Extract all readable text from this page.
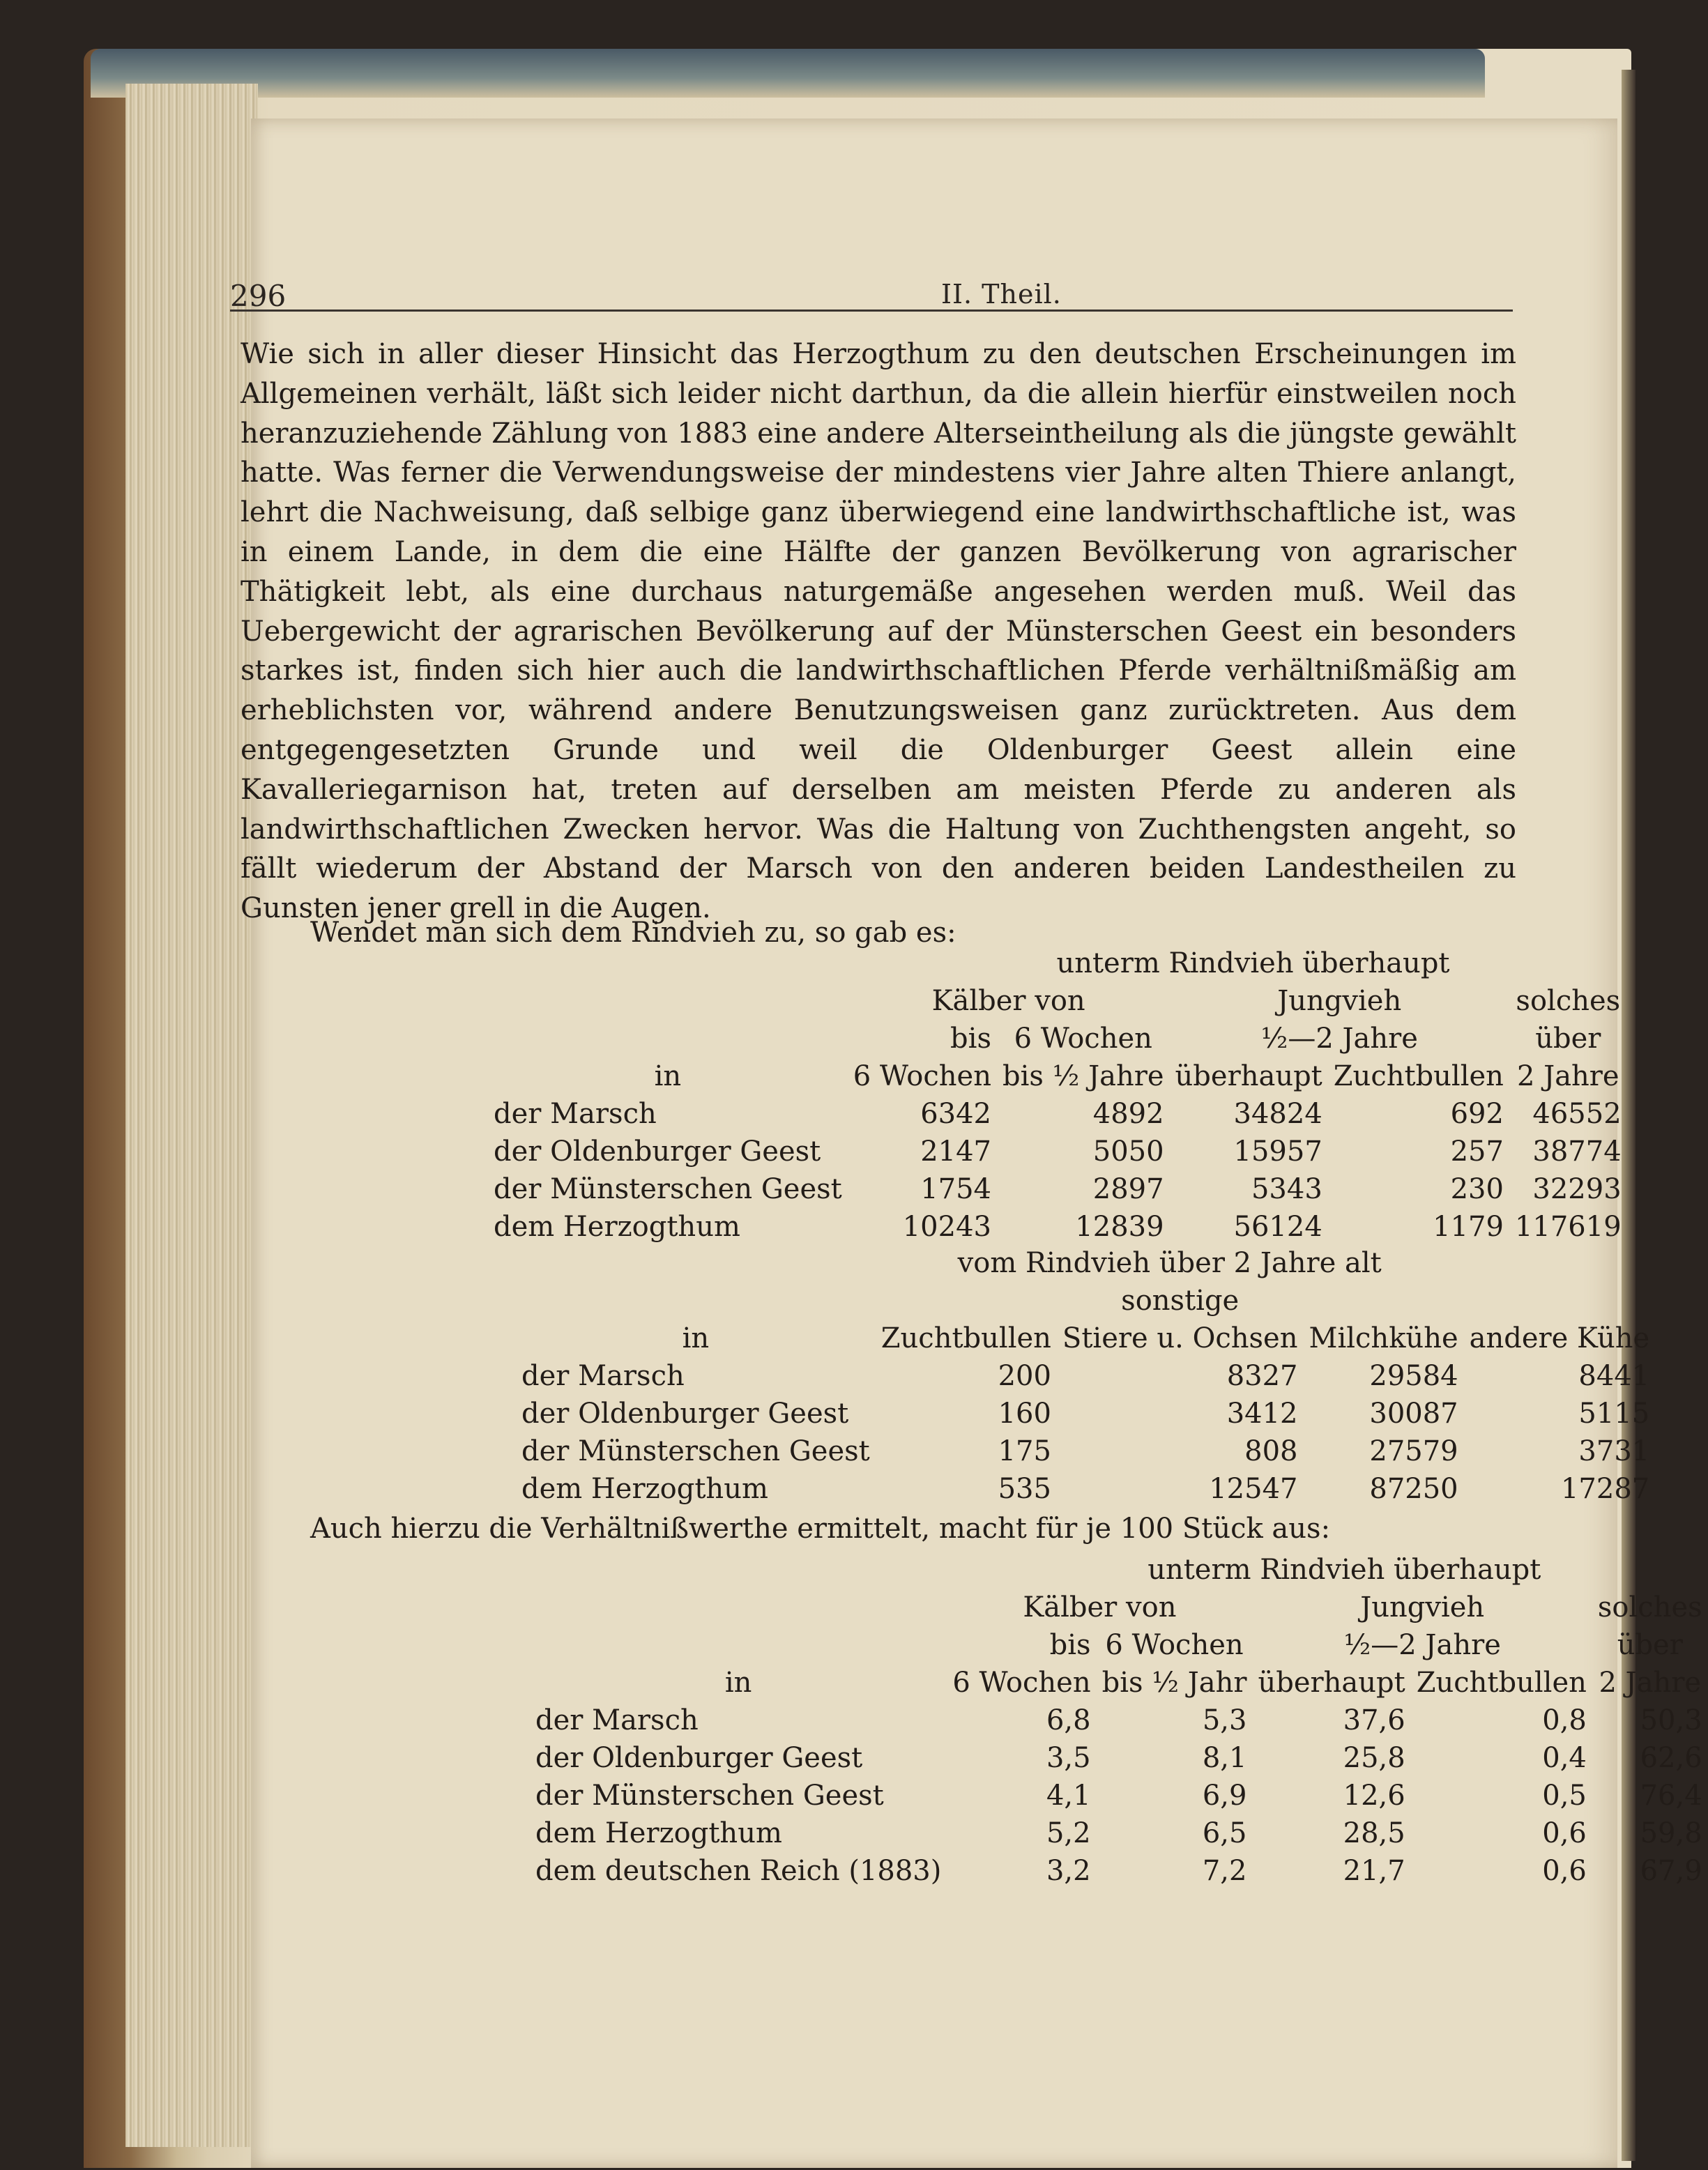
296	II. Theil.

Wie sich in aller dieser Hinsicht das Herzogthum zu den deutschen Erscheinungen im Allgemeinen verhält, läßt sich leider nicht darthun, da die allein hierfür einstweilen noch heranzuziehende Zählung von 1883 eine andere Alterseintheilung als die jüngste gewählt hatte. Was ferner die Verwendungsweise der mindestens vier Jahre alten Thiere anlangt, lehrt die Nachweisung, daß selbige ganz überwiegend eine landwirthschaftliche ist, was in einem Lande, in dem die eine Hälfte der ganzen Bevölkerung von agrarischer Thätigkeit lebt, als eine durchaus naturgemäße angesehen werden muß. Weil das Uebergewicht der agrarischen Bevölkerung auf der Münsterschen Geest ein besonders starkes ist, finden sich hier auch die landwirthschaftlichen Pferde verhältnißmäßig am erheblichsten vor, während andere Benutzungsweisen ganz zurücktreten. Aus dem entgegengesetzten Grunde und weil die Oldenburger Geest allein eine Kavalleriegarnison hat, treten auf derselben am meisten Pferde zu anderen als landwirthschaftlichen Zwecken hervor. Was die Haltung von Zuchthengsten angeht, so fällt wiederum der Abstand der Marsch von den anderen beiden Landestheilen zu Gunsten jener grell in die Augen.

Wendet man sich dem Rindvieh zu, so gab es:

		unterm Rindvieh überhaupt			
	Kälber von		Jungvieh		solches
	bis	6 Wochen	½—2 Jahre		über
in	6 Wochen	bis ½ Jahre	überhaupt	Zuchtbullen	2 Jahre
der Marsch	6342	4892	34824	692	46552
der Oldenburger Geest	2147	5050	15957	257	38774
der Münsterschen Geest	1754	2897	5343	230	32293
dem Herzogthum	10243	12839	56124	1179	117619
	vom Rindvieh über 2 Jahre alt			
		sonstige		
in	Zuchtbullen	Stiere u. Ochsen	Milchkühe	andere Kühe
der Marsch	200	8327	29584	8441
der Oldenburger Geest	160	3412	30087	5115
der Münsterschen Geest	175	808	27579	3731
dem Herzogthum	535	12547	87250	17287

Auch hierzu die Verhältnißwerthe ermittelt, macht für je 100 Stück aus:

		unterm Rindvieh überhaupt			
	Kälber von		Jungvieh		solches
	bis	6 Wochen	½—2 Jahre		über
in	6 Wochen	bis ½ Jahr	überhaupt	Zuchtbullen	2 Jahre
der Marsch	6,8	5,3	37,6	0,8	50,3
der Oldenburger Geest	3,5	8,1	25,8	0,4	62,6
der Münsterschen Geest	4,1	6,9	12,6	0,5	76,4
dem Herzogthum	5,2	6,5	28,5	0,6	59,8
dem deutschen Reich (1883)	3,2	7,2	21,7	0,6	67,9
